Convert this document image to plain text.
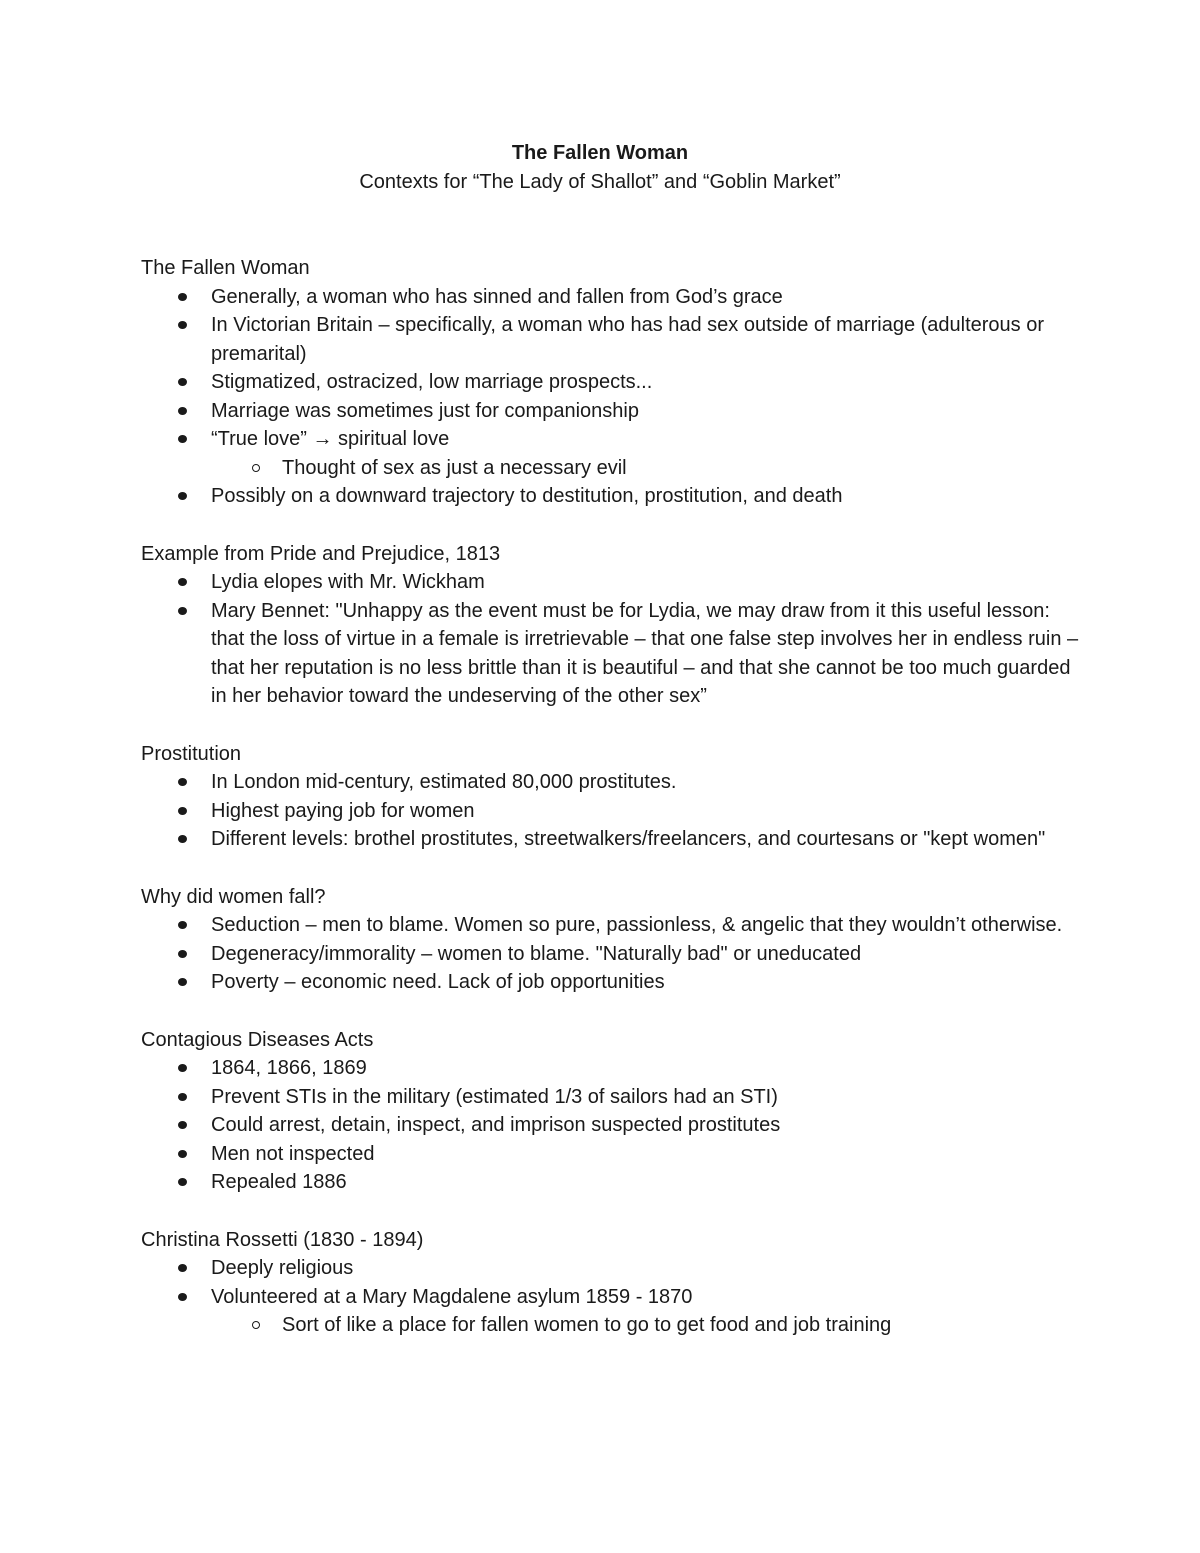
The Fallen Woman
Contexts for “The Lady of Shallot” and “Goblin Market”
The Fallen Woman
Generally, a woman who has sinned and fallen from God’s grace
In Victorian Britain – specifically, a woman who has had sex outside of marriage (adulterous or premarital)
Stigmatized, ostracized, low marriage prospects...
Marriage was sometimes just for companionship
“True love” → spiritual love
Thought of sex as just a necessary evil
Possibly on a downward trajectory to destitution, prostitution, and death
Example from Pride and Prejudice, 1813
Lydia elopes with Mr. Wickham
Mary Bennet: "Unhappy as the event must be for Lydia, we may draw from it this useful lesson: that the loss of virtue in a female is irretrievable – that one false step involves her in endless ruin – that her reputation is no less brittle than it is beautiful – and that she cannot be too much guarded in her behavior toward the undeserving of the other sex”
Prostitution
In London mid-century, estimated 80,000 prostitutes.
Highest paying job for women
Different levels: brothel prostitutes, streetwalkers/freelancers, and courtesans or "kept women"
Why did women fall?
Seduction – men to blame. Women so pure, passionless, & angelic that they wouldn’t otherwise.
Degeneracy/immorality – women to blame. "Naturally bad" or uneducated
Poverty – economic need. Lack of job opportunities
Contagious Diseases Acts
1864, 1866, 1869
Prevent STIs in the military (estimated 1/3 of sailors had an STI)
Could arrest, detain, inspect, and imprison suspected prostitutes
Men not inspected
Repealed 1886
Christina Rossetti (1830 - 1894)
Deeply religious
Volunteered at a Mary Magdalene asylum 1859 - 1870
Sort of like a place for fallen women to go to get food and job training
